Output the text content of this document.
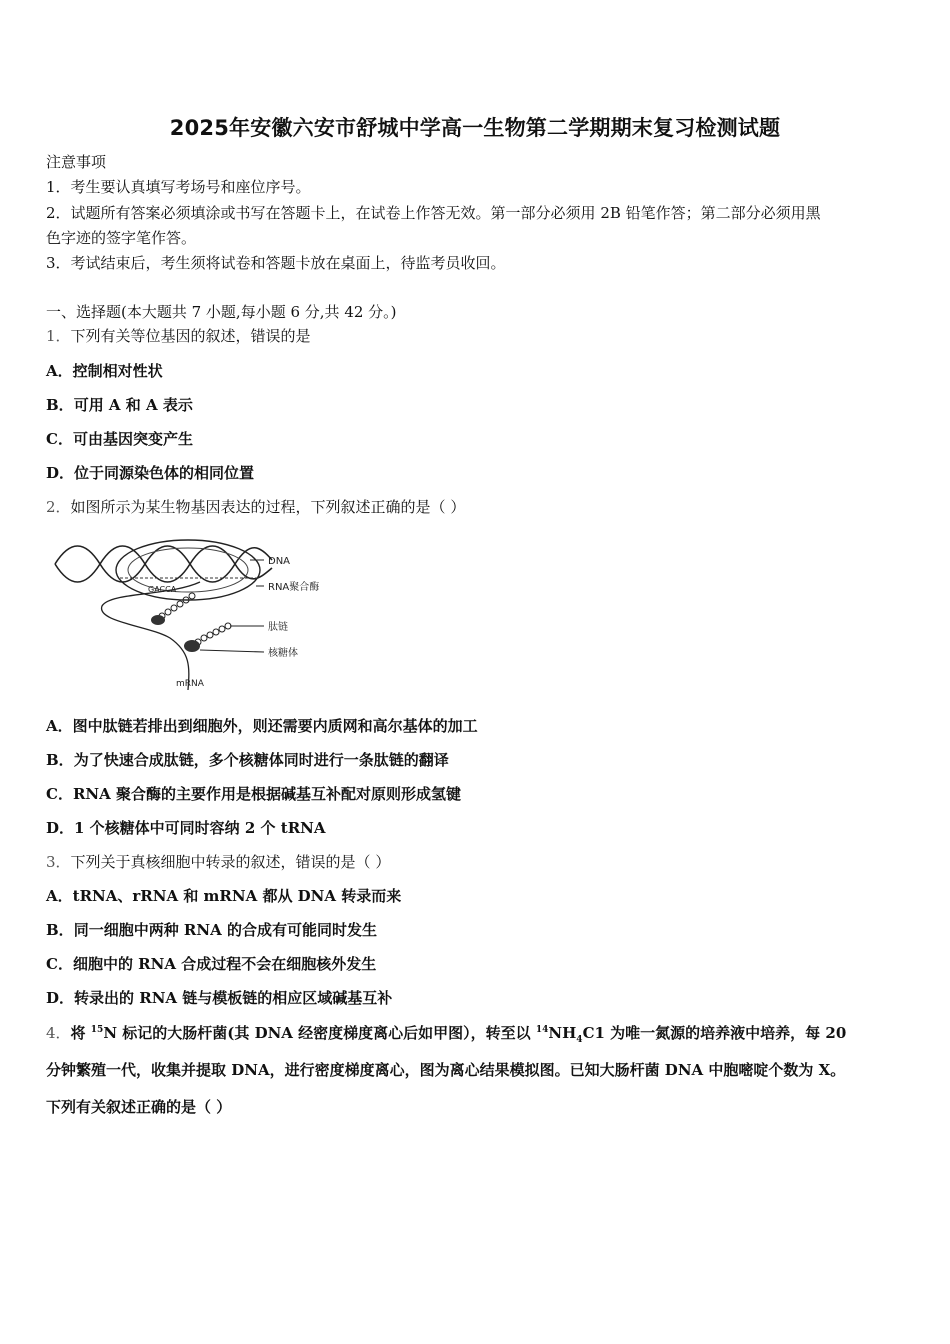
2025年安徽六安市舒城中学高一生物第二学期期末复习检测试题
注意事项
1．考生要认真填写考场号和座位序号。
2．试题所有答案必须填涂或书写在答题卡上，在试卷上作答无效。第一部分必须用 2B 铅笔作答；第二部分必须用黑
色字迹的签字笔作答。
3．考试结束后，考生须将试卷和答题卡放在桌面上，待监考员收回。
一、选择题(本大题共 7 小题,每小题 6 分,共 42 分。)
1．下列有关等位基因的叙述，错误的是
A．控制相对性状
B．可用 A 和 A 表示
C．可由基因突变产生
D．位于同源染色体的相同位置
2．如图所示为某生物基因表达的过程，下列叙述正确的是（ ）
GACCA
DNA
RNA聚合酶
肽链
核糖体
mRNA
A．图中肽链若排出到细胞外，则还需要内质网和高尔基体的加工
B．为了快速合成肽链，多个核糖体同时进行一条肽链的翻译
C．RNA 聚合酶的主要作用是根据碱基互补配对原则形成氢键
D．1 个核糖体中可同时容纳 2 个 tRNA
3．下列关于真核细胞中转录的叙述，错误的是（ ）
A．tRNA、rRNA 和 mRNA 都从 DNA 转录而来
B．同一细胞中两种 RNA 的合成有可能同时发生
C．细胞中的 RNA 合成过程不会在细胞核外发生
D．转录出的 RNA 链与模板链的相应区域碱基互补
4．将 $^{15}$N 标记的大肠杆菌(其 DNA 经密度梯度离心后如甲图），转至以 $^{14}NH_4C1$ 为唯一氮源的培养液中培养，每 20
分钟繁殖一代，收集并提取 DNA，进行密度梯度离心，图为离心结果模拟图。已知大肠杆菌 DNA 中胞嘧啶个数为 X。
下列有关叙述正确的是（ ）
